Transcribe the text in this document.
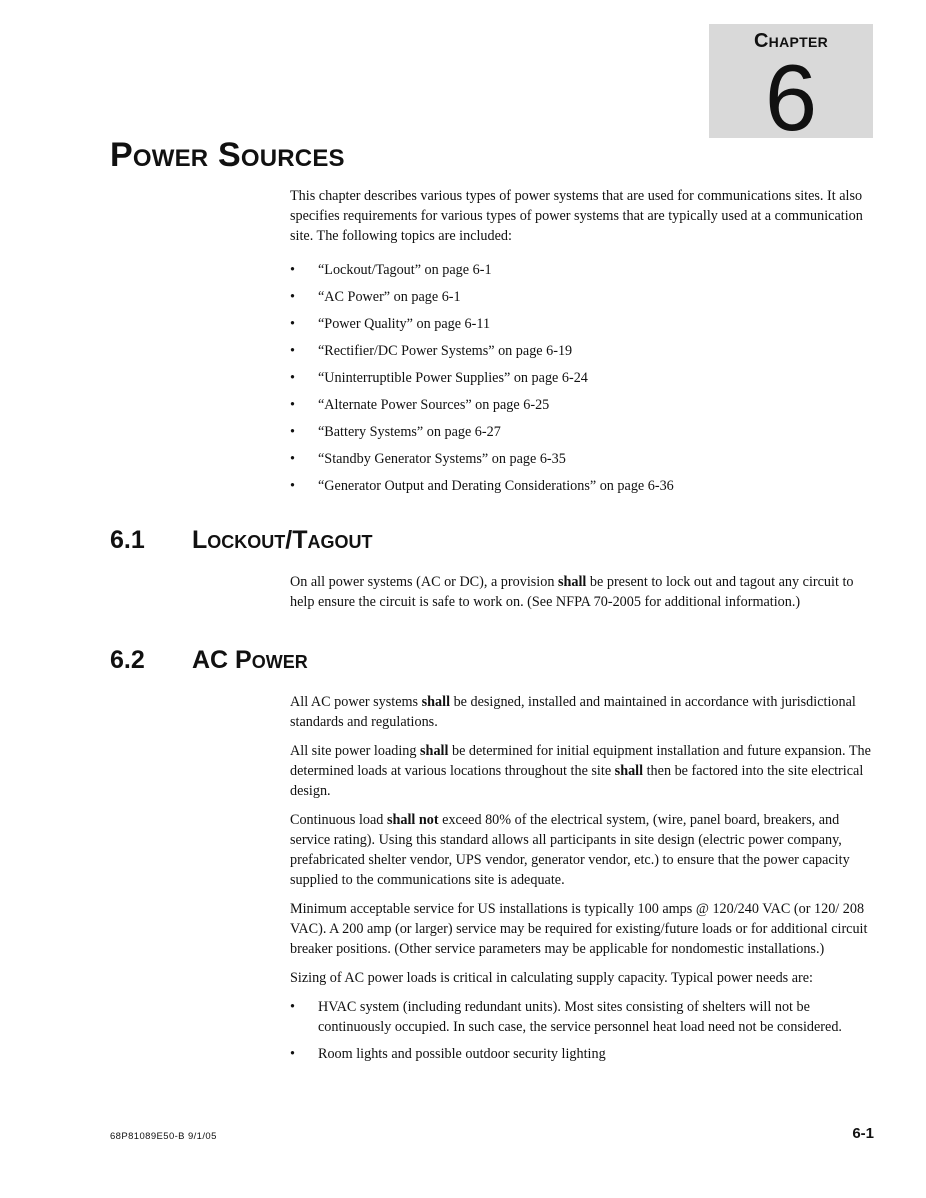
Chapter
6
Power Sources

This chapter describes various types of power systems that are used for communications sites. It also specifies requirements for various types of power systems that are typically used at a communication site. The following topics are included:

• “Lockout/Tagout” on page 6-1
• “AC Power” on page 6-1
• “Power Quality” on page 6-11
• “Rectifier/DC Power Systems” on page 6-19
• “Uninterruptible Power Supplies” on page 6-24
• “Alternate Power Sources” on page 6-25
• “Battery Systems” on page 6-27
• “Standby Generator Systems” on page 6-35
• “Generator Output and Derating Considerations” on page 6-36
6.1 Lockout/Tagout

On all power systems (AC or DC), a provision shall be present to lock out and tagout any circuit to help ensure the circuit is safe to work on. (See NFPA 70-2005 for additional information.)

6.2 AC Power

All AC power systems shall be designed, installed and maintained in accordance with jurisdictional standards and regulations.

All site power loading shall be determined for initial equipment installation and future expansion. The determined loads at various locations throughout the site shall then be factored into the site electrical design.

Continuous load shall not exceed 80% of the electrical system, (wire, panel board, breakers, and service rating). Using this standard allows all participants in site design (electric power company, prefabricated shelter vendor, UPS vendor, generator vendor, etc.) to ensure that the power capacity supplied to the communications site is adequate.

Minimum acceptable service for US installations is typically 100 amps @ 120/240 VAC (or 120/ 208 VAC). A 200 amp (or larger) service may be required for existing/future loads or for additional circuit breaker positions. (Other service parameters may be applicable for nondomestic installations.)

Sizing of AC power loads is critical in calculating supply capacity. Typical power needs are:

• HVAC system (including redundant units). Most sites consisting of shelters will not be continuously occupied. In such case, the service personnel heat load need not be considered.
• Room lights and possible outdoor security lighting
68P81089E50-B 9/1/05	6-1
